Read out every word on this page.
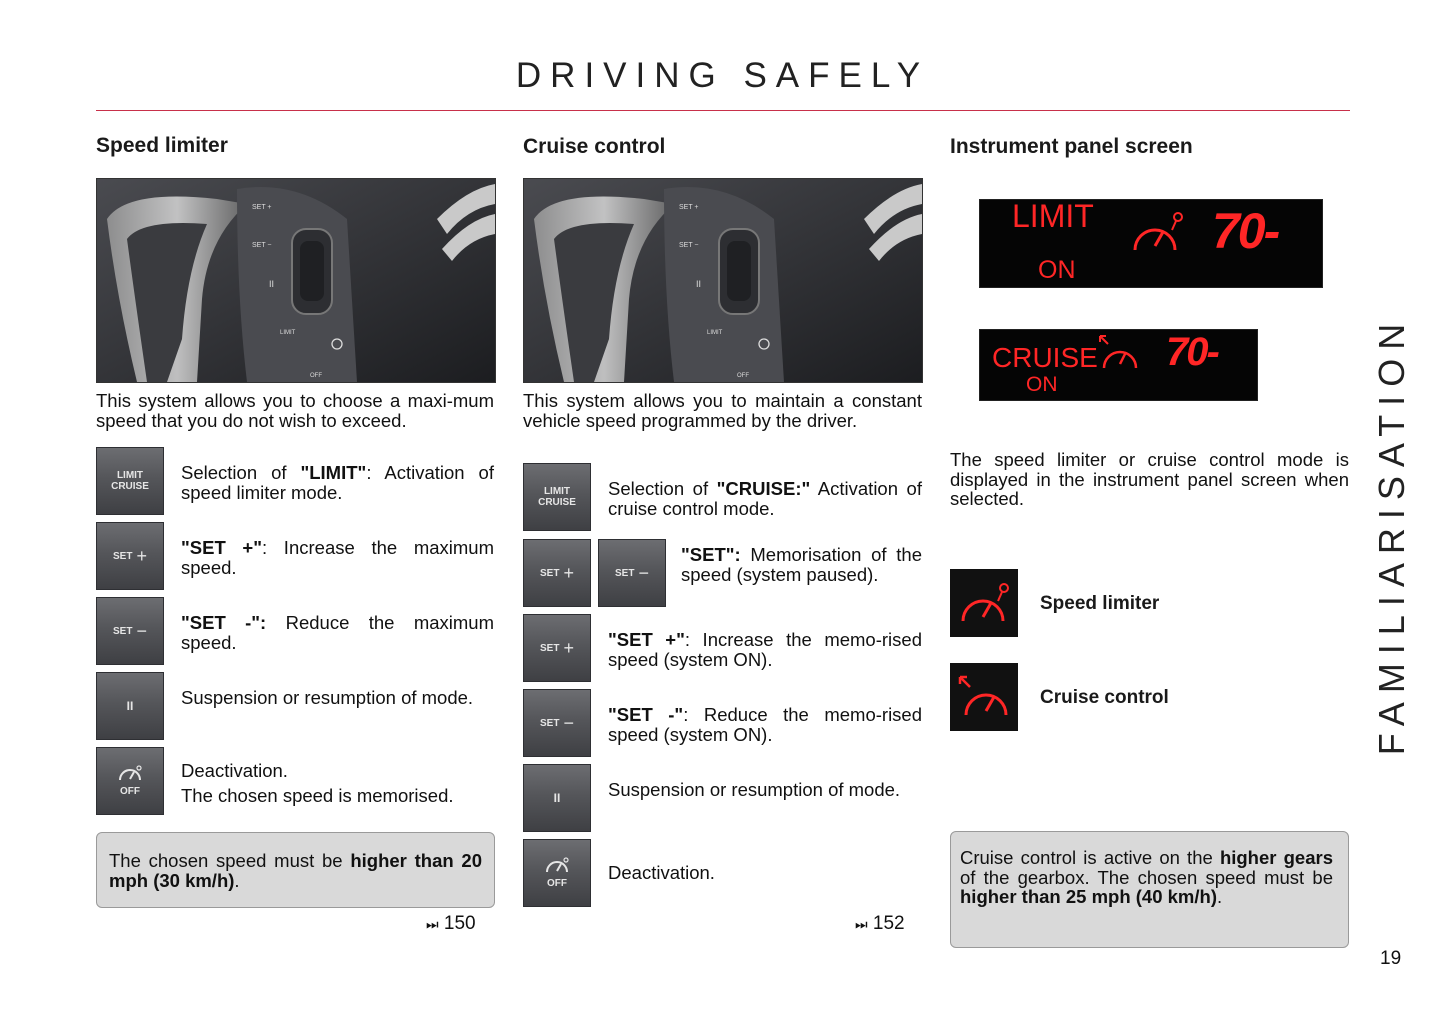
DRIVING SAFELY
Speed limiter
SET +
SET −
II
LIMIT
OFF
This system allows you to choose a maxi-mum speed that you do not wish to exceed.
LIMIT
CRUISE
Selection of "LIMIT": Activation of speed limiter mode.
SET + "SET +": Increase the maximum speed.
SET − "SET -": Reduce the maximum speed.
II	Suspension or resumption of mode.

OFF
Deactivation.
The chosen speed is memorised.
The chosen speed must be higher than 20 mph (30 km/h).
⏭ 150
Cruise control
SET +
SET −
II
LIMIT
OFF
This system allows you to maintain a constant vehicle speed programmed by the driver.
LIMIT
CRUISE
Selection of "CRUISE:" Activation of cruise control mode.
SET +	SET −
"SET": Memorisation of the speed (system paused).
SET + "SET +": Increase the memo-rised speed (system ON).
SET − "SET -": Reduce the memo-rised speed (system ON).
II	Suspension or resumption of mode.

OFF
Deactivation.
⏭ 152
Instrument panel screen
LIMIT
ON
70-
CRUISE
ON
70-
The speed limiter or cruise control mode is displayed in the instrument panel screen when selected.
Speed limiter
Cruise control
Cruise control is active on the higher gears of the gearbox. The chosen speed must be higher than 25 mph (40 km/h).
FAMILIARISATION
19
